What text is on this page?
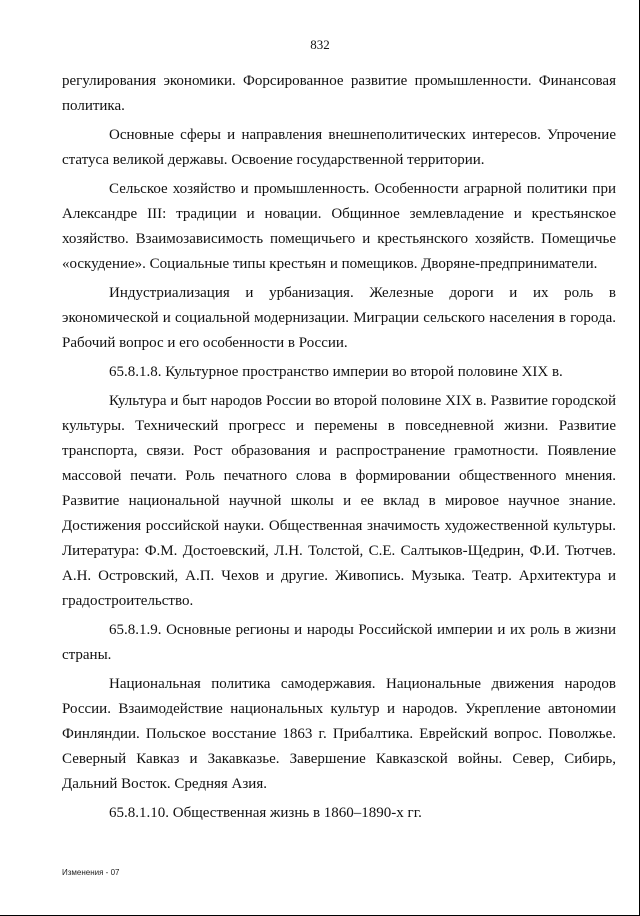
832

регулирования экономики. Форсированное развитие промышленности. Финансовая политика.

Основные сферы и направления внешнеполитических интересов. Упрочение статуса великой державы. Освоение государственной территории.

Сельское хозяйство и промышленность. Особенности аграрной политики при Александре III: традиции и новации. Общинное землевладение и крестьянское хозяйство. Взаимозависимость помещичьего и крестьянского хозяйств. Помещичье «оскудение». Социальные типы крестьян и помещиков. Дворяне-предприниматели.

Индустриализация и урбанизация. Железные дороги и их роль в экономической и социальной модернизации. Миграции сельского населения в города. Рабочий вопрос и его особенности в России.

65.8.1.8. Культурное пространство империи во второй половине XIX в.

Культура и быт народов России во второй половине XIX в. Развитие городской культуры. Технический прогресс и перемены в повседневной жизни. Развитие транспорта, связи. Рост образования и распространение грамотности. Появление массовой печати. Роль печатного слова в формировании общественного мнения. Развитие национальной научной школы и ее вклад в мировое научное знание. Достижения российской науки. Общественная значимость художественной культуры. Литература: Ф.М. Достоевский, Л.Н. Толстой, С.Е. Салтыков-Щедрин, Ф.И. Тютчев. А.Н. Островский, А.П. Чехов и другие. Живопись. Музыка. Театр. Архитектура и градостроительство.

65.8.1.9. Основные регионы и народы Российской империи и их роль в жизни страны.

Национальная политика самодержавия. Национальные движения народов России. Взаимодействие национальных культур и народов. Укрепление автономии Финляндии. Польское восстание 1863 г. Прибалтика. Еврейский вопрос. Поволжье. Северный Кавказ и Закавказье. Завершение Кавказской войны. Север, Сибирь, Дальний Восток. Средняя Азия.

65.8.1.10. Общественная жизнь в 1860–1890-х гг.

Изменения - 07
